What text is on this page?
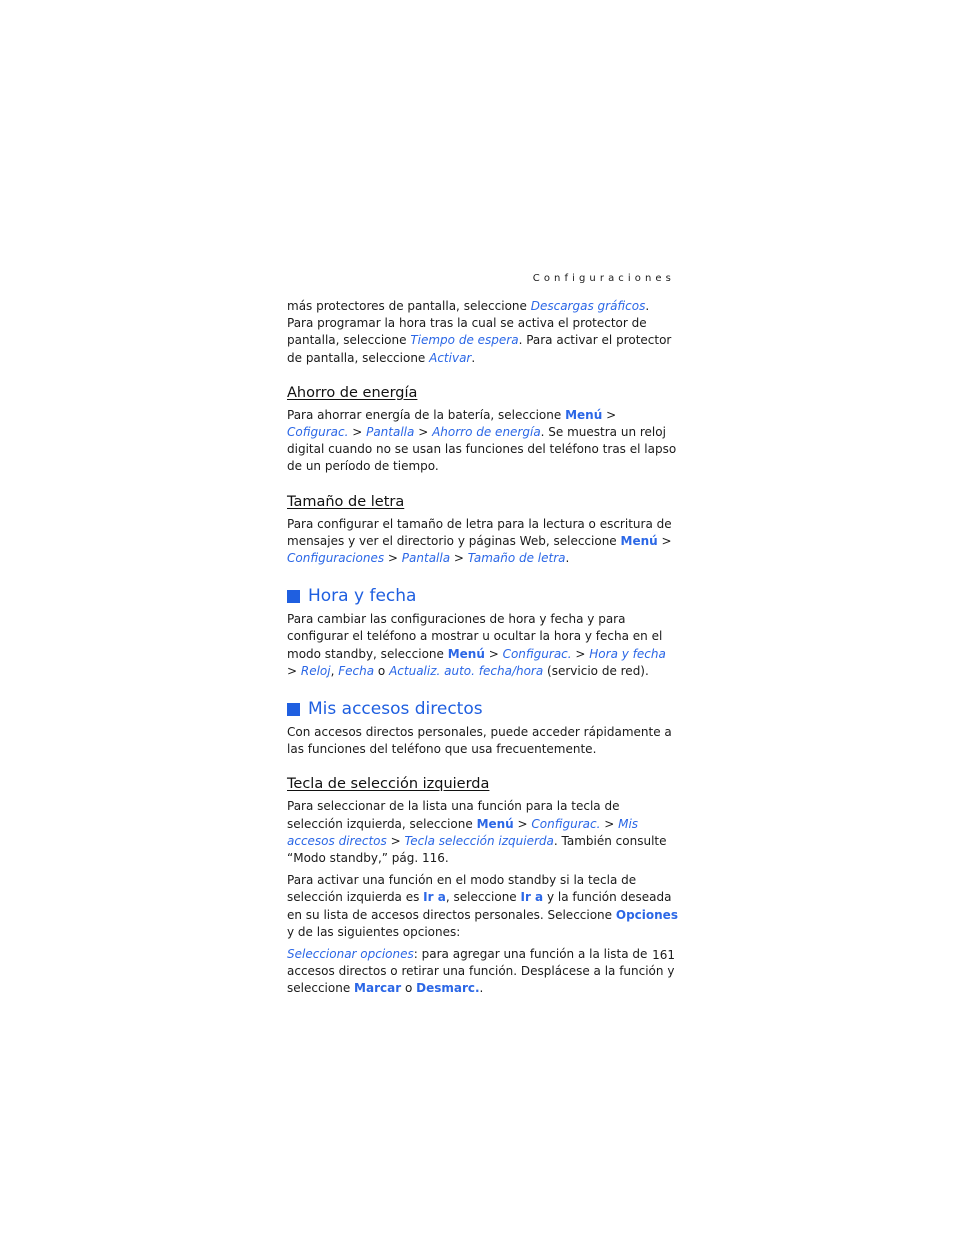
Configuraciones

más protectores de pantalla, seleccione Descargas gráficos. Para programar la hora tras la cual se activa el protector de pantalla, seleccione Tiempo de espera. Para activar el protector de pantalla, seleccione Activar.

Ahorro de energía

Para ahorrar energía de la batería, seleccione Menú > Cofigurac. > Pantalla > Ahorro de energía. Se muestra un reloj digital cuando no se usan las funciones del teléfono tras el lapso de un período de tiempo.

Tamaño de letra

Para configurar el tamaño de letra para la lectura o escritura de mensajes y ver el directorio y páginas Web, seleccione Menú > Configuraciones > Pantalla > Tamaño de letra.

Hora y fecha

Para cambiar las configuraciones de hora y fecha y para configurar el teléfono a mostrar u ocultar la hora y fecha en el modo standby, seleccione Menú > Configurac. > Hora y fecha > Reloj, Fecha o Actualiz. auto. fecha/hora (servicio de red).

Mis accesos directos

Con accesos directos personales, puede acceder rápidamente a las funciones del teléfono que usa frecuentemente.

Tecla de selección izquierda

Para seleccionar de la lista una función para la tecla de selección izquierda, seleccione Menú > Configurac. > Mis accesos directos > Tecla selección izquierda. También consulte “Modo standby,” pág. 116.

Para activar una función en el modo standby si la tecla de selección izquierda es Ir a, seleccione Ir a y la función deseada en su lista de accesos directos personales. Seleccione Opciones y de las siguientes opciones:

Seleccionar opciones: para agregar una función a la lista de accesos directos o retirar una función. Desplácese a la función y seleccione Marcar o Desmarc..

161
